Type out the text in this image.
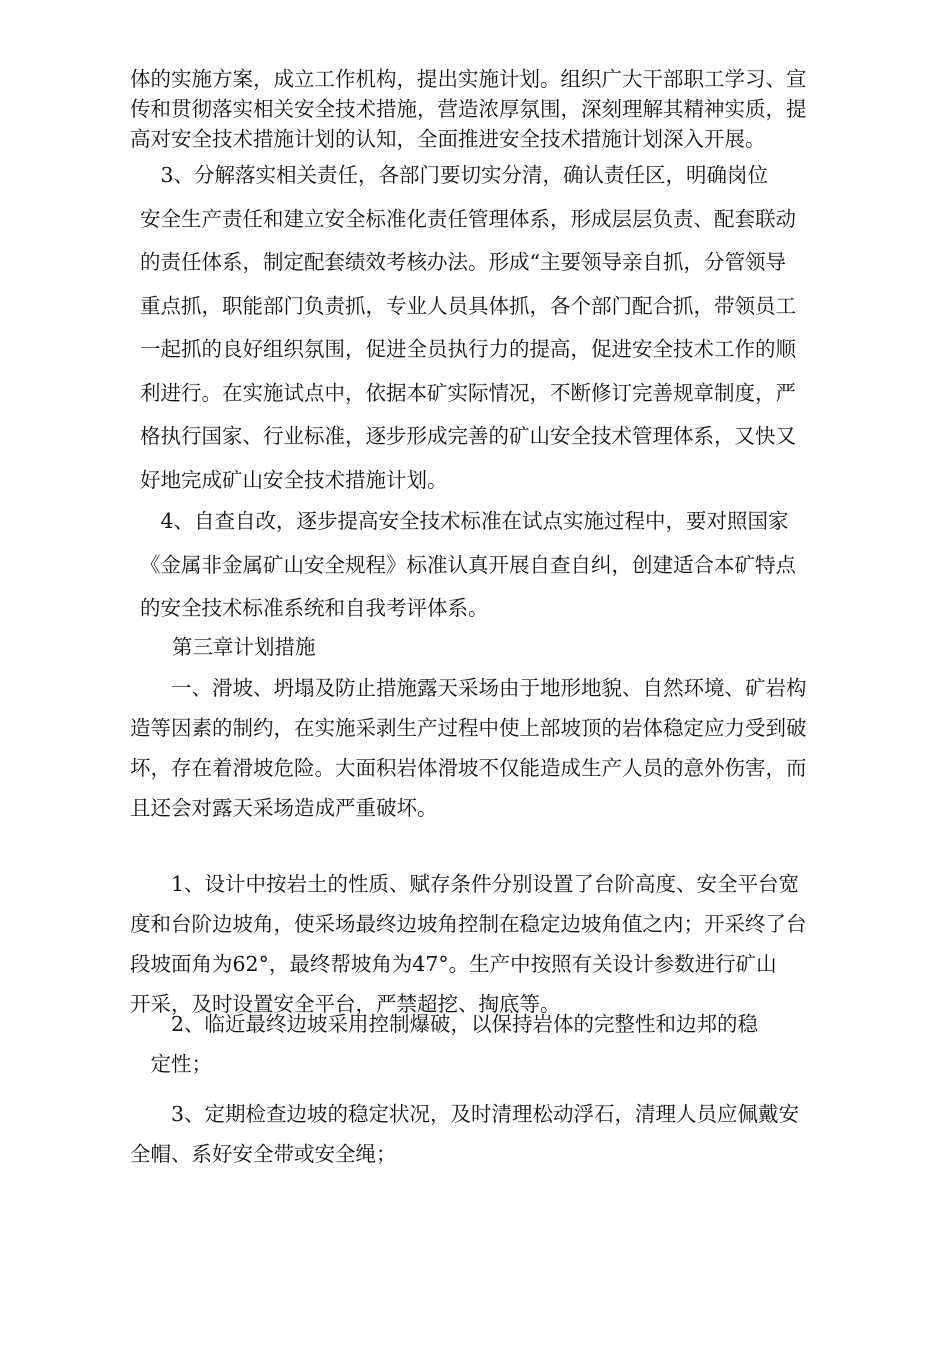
体的实施方案，成立工作机构，提出实施计划。组织广大干部职工学习、宣
传和贯彻落实相关安全技术措施，营造浓厚氛围，深刻理解其精神实质，提
高对安全技术措施计划的认知，全面推进安全技术措施计划深入开展。

　3、分解落实相关责任，各部门要切实分清，确认责任区，明确岗位
安全生产责任和建立安全标准化责任管理体系，形成层层负责、配套联动
的责任体系，制定配套绩效考核办法。形成“主要领导亲自抓，分管领导
重点抓，职能部门负责抓，专业人员具体抓，各个部门配合抓，带领员工
一起抓的良好组织氛围，促进全员执行力的提高，促进安全技术工作的顺
利进行。在实施试点中，依据本矿实际情况，不断修订完善规章制度，严
格执行国家、行业标准，逐步形成完善的矿山安全技术管理体系，又快又
好地完成矿山安全技术措施计划。

　4、自查自改，逐步提高安全技术标准在试点实施过程中，要对照国家
《金属非金属矿山安全规程》标准认真开展自查自纠，创建适合本矿特点
的安全技术标准系统和自我考评体系。

第三章计划措施

　　一、滑坡、坍塌及防止措施露天采场由于地形地貌、自然环境、矿岩构
造等因素的制约，在实施采剥生产过程中使上部坡顶的岩体稳定应力受到破
坏，存在着滑坡危险。大面积岩体滑坡不仅能造成生产人员的意外伤害，而
且还会对露天采场造成严重破坏。

　　1、设计中按岩土的性质、赋存条件分别设置了台阶高度、安全平台宽
度和台阶边坡角，使采场最终边坡角控制在稳定边坡角值之内；开采终了台
段坡面角为62°，最终帮坡角为47°。生产中按照有关设计参数进行矿山
开采，及时设置安全平台，严禁超挖、掏底等。

　　2、临近最终边坡采用控制爆破，以保持岩体的完整性和边邦的稳
　定性；

　　3、定期检查边坡的稳定状况，及时清理松动浮石，清理人员应佩戴安
全帽、系好安全带或安全绳；
